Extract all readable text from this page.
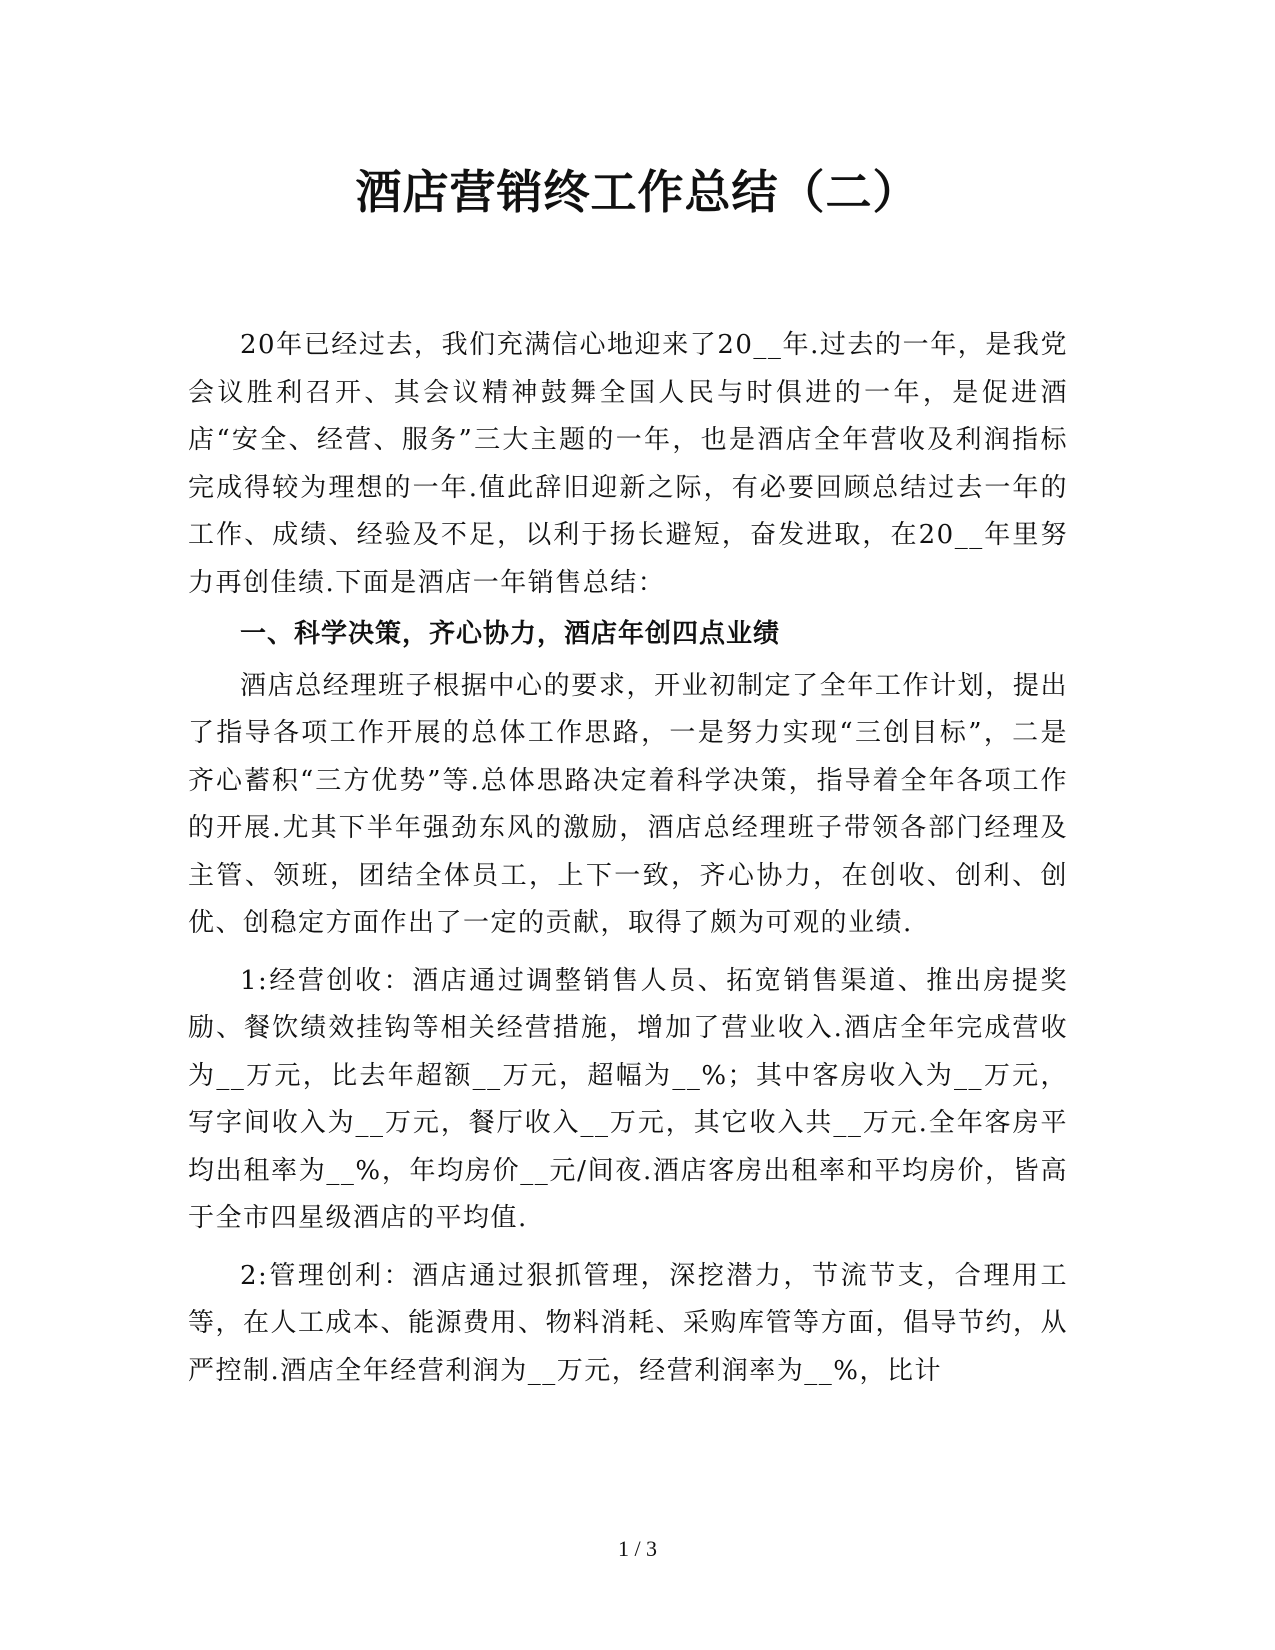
酒店营销终工作总结（二）

20年已经过去，我们充满信心地迎来了20__年.过去的一年，是我党会议胜利召开、其会议精神鼓舞全国人民与时俱进的一年，是促进酒店“安全、经营、服务”三大主题的一年，也是酒店全年营收及利润指标完成得较为理想的一年.值此辞旧迎新之际，有必要回顾总结过去一年的工作、成绩、经验及不足，以利于扬长避短，奋发进取，在20__年里努力再创佳绩.下面是酒店一年销售总结：

一、科学决策，齐心协力，酒店年创四点业绩

酒店总经理班子根据中心的要求，开业初制定了全年工作计划，提出了指导各项工作开展的总体工作思路，一是努力实现“三创目标”，二是齐心蓄积“三方优势”等.总体思路决定着科学决策，指导着全年各项工作的开展.尤其下半年强劲东风的激励，酒店总经理班子带领各部门经理及主管、领班，团结全体员工，上下一致，齐心协力，在创收、创利、创优、创稳定方面作出了一定的贡献，取得了颇为可观的业绩.

1:经营创收：酒店通过调整销售人员、拓宽销售渠道、推出房提奖励、餐饮绩效挂钩等相关经营措施，增加了营业收入.酒店全年完成营收为__万元，比去年超额__万元，超幅为__%；其中客房收入为__万元，写字间收入为__万元，餐厅收入__万元，其它收入共__万元.全年客房平均出租率为__%，年均房价__元/间夜.酒店客房出租率和平均房价，皆高于全市四星级酒店的平均值.

2:管理创利：酒店通过狠抓管理，深挖潜力，节流节支，合理用工等，在人工成本、能源费用、物料消耗、采购库管等方面，倡导节约，从严控制.酒店全年经营利润为__万元，经营利润率为__%，比计

1 / 3
